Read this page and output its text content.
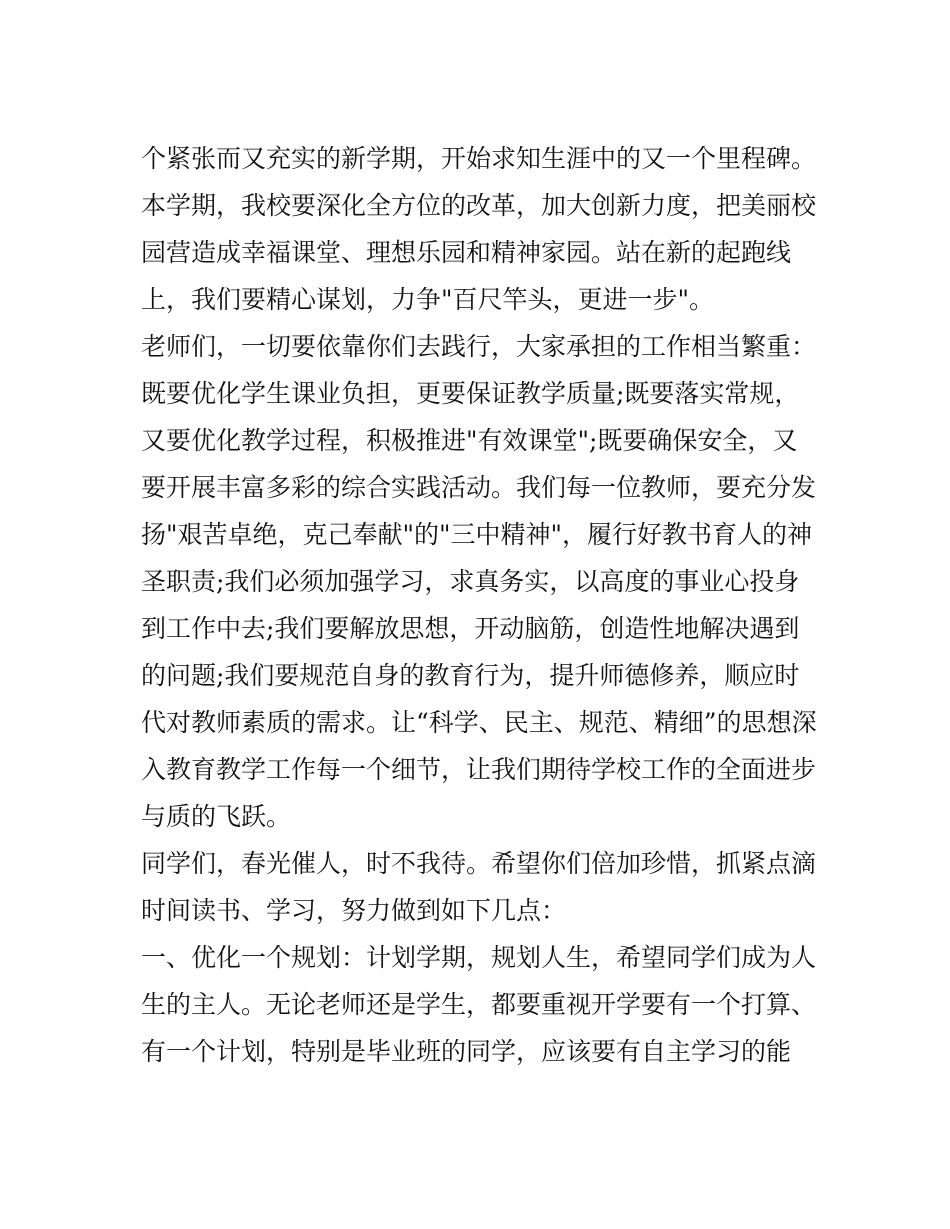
个紧张而又充实的新学期，开始求知生涯中的又一个里程碑。
本学期，我校要深化全方位的改革，加大创新力度，把美丽校
园营造成幸福课堂、理想乐园和精神家园。站在新的起跑线
上，我们要精心谋划，力争"百尺竿头，更进一步"。
老师们，一切要依靠你们去践行，大家承担的工作相当繁重：
既要优化学生课业负担，更要保证教学质量;既要落实常规，
又要优化教学过程，积极推进"有效课堂";既要确保安全，又
要开展丰富多彩的综合实践活动。我们每一位教师，要充分发
扬"艰苦卓绝，克己奉献"的"三中精神"，履行好教书育人的神
圣职责;我们必须加强学习，求真务实，以高度的事业心投身
到工作中去;我们要解放思想，开动脑筋，创造性地解决遇到
的问题;我们要规范自身的教育行为，提升师德修养，顺应时
代对教师素质的需求。让“科学、民主、规范、精细”的思想深
入教育教学工作每一个细节，让我们期待学校工作的全面进步
与质的飞跃。
同学们，春光催人，时不我待。希望你们倍加珍惜，抓紧点滴
时间读书、学习，努力做到如下几点：
一、优化一个规划：计划学期，规划人生，希望同学们成为人
生的主人。无论老师还是学生，都要重视开学要有一个打算、
有一个计划，特别是毕业班的同学，应该要有自主学习的能
